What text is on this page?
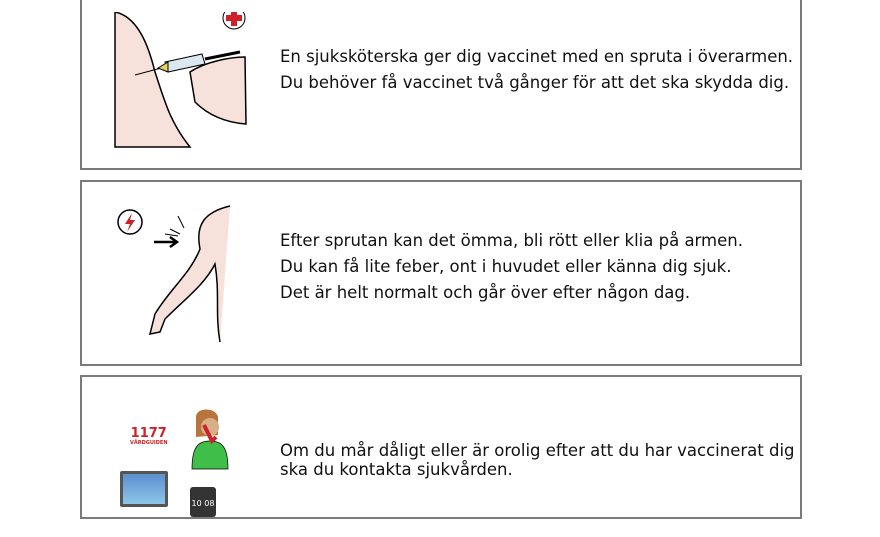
En sjuksköterska ger dig vaccinet med en spruta i överarmen.
Du behöver få vaccinet två gånger för att det ska skydda dig.
Efter sprutan kan det ömma, bli rött eller klia på armen.
Du kan få lite feber, ont i huvudet eller känna dig sjuk.
Det är helt normalt och går över efter någon dag.
1177
VÅRDGUIDEN
10 08
Om du mår dåligt eller är orolig efter att du har vaccinerat dig
ska du kontakta sjukvården.
